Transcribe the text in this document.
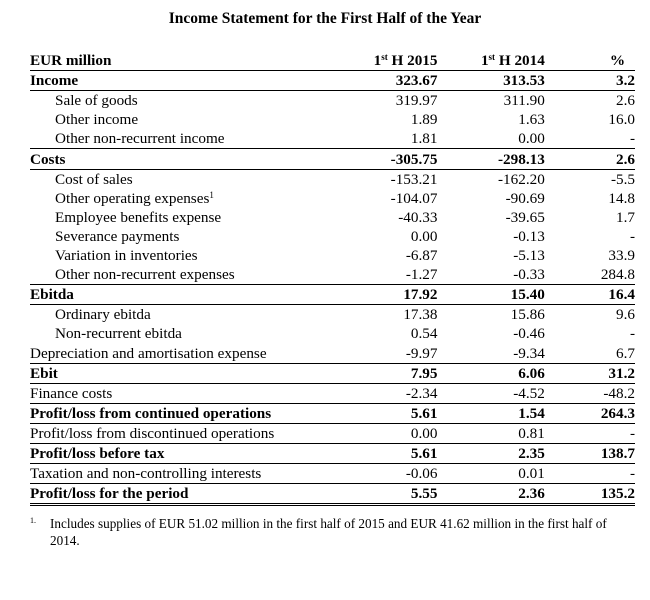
Income Statement for the First Half of the Year
EUR million	1st H 2015	1st H 2014	%
Income	323.67	313.53	3.2
Sale of goods	319.97	311.90	2.6
Other income	1.89	1.63	16.0
Other non-recurrent income	1.81	0.00	-
Costs	-305.75	-298.13	2.6
Cost of sales	-153.21	-162.20	-5.5
Other operating expenses$^1$	-104.07	-90.69	14.8
Employee benefits expense	-40.33	-39.65	1.7
Severance payments	0.00	-0.13	-
Variation in inventories	-6.87	-5.13	33.9
Other non-recurrent expenses	-1.27	-0.33	284.8
Ebitda	17.92	15.40	16.4
Ordinary ebitda	17.38	15.86	9.6
Non-recurrent ebitda	0.54	-0.46	-
Depreciation and amortisation expense	-9.97	-9.34	6.7
Ebit	7.95	6.06	31.2
Finance costs	-2.34	-4.52	-48.2
Profit/loss from continued operations	5.61	1.54	264.3
Profit/loss from discontinued operations	0.00	0.81	-
Profit/loss before tax	5.61	2.35	138.7
Taxation and non-controlling interests	-0.06	0.01	-
Profit/loss for the period	5.55	2.36	135.2
1.	Includes supplies of EUR 51.02 million in the first half of 2015 and EUR 41.62 million in the first half of 2014.
